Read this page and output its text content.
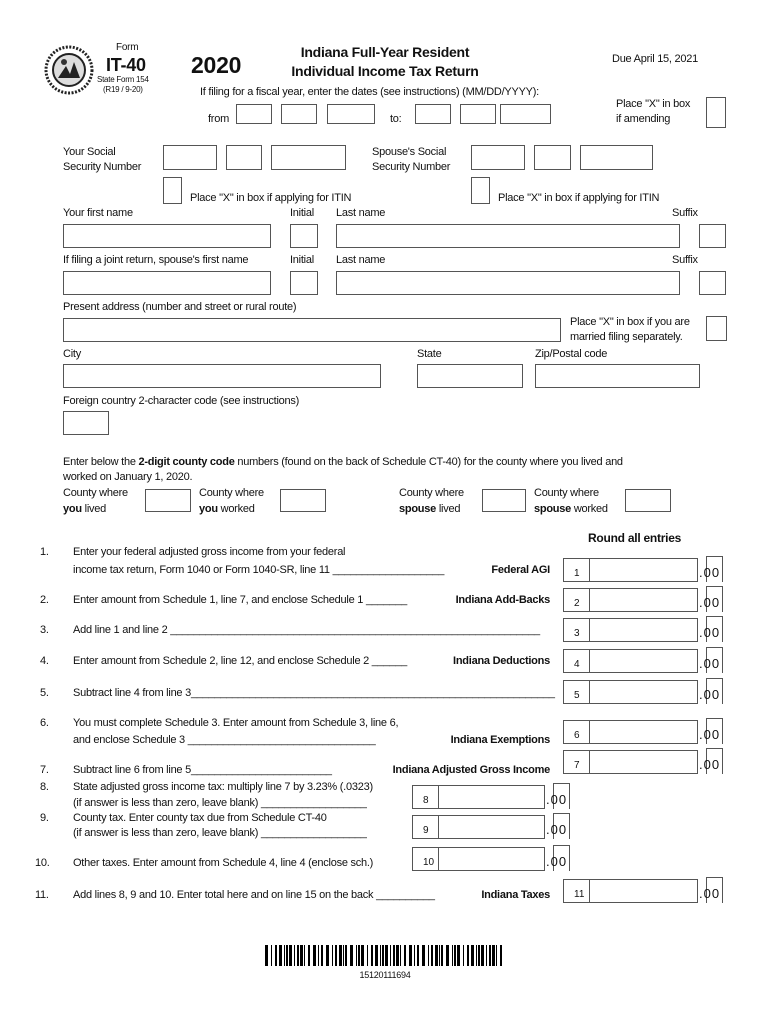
Form
IT-40
State Form 154
(R19 / 9-20)
2020	Indiana Full-Year Resident
Individual Income Tax Return
Due April 15, 2021
If filing for a fiscal year, enter the dates (see instructions) (MM/DD/YYYY):
from	to:
Place "X" in box
if amending
Your Social
Security Number
Spouse's Social
Security Number
Place "X" in box if applying for ITIN	Place "X" in box if applying for ITIN
Your first name	Initial Last name	Suffix
If filing a joint return, spouse's first name	Initial Last name	Suffix
Present address (number and street or rural route)
Place "X" in box if you are
married filing separately.
City	State	Zip/Postal code
Foreign country 2-character code (see instructions)
Enter below the 2-digit county code numbers (found on the back of Schedule CT-40) for the county where you lived and
worked on January 1, 2020.
County where
you lived
County where
you worked
County where
spouse lived
County where
spouse worked
Round all entries
1. Enter your federal adjusted gross income from your federal
income tax return, Form 1040 or Form 1040-SR, line 11 ___________________	Federal AGI	1	.00
2. Enter amount from Schedule 1, line 7, and enclose Schedule 1 _______	Indiana Add-Backs	2	.00
3. Add line 1 and line 2 _______________________________________________________________	3	.00
4. Enter amount from Schedule 2, line 12, and enclose Schedule 2 ______	Indiana Deductions	4	.00
5. Subtract line 4 from line 3______________________________________________________________	5	.00
6. You must complete Schedule 3. Enter amount from Schedule 3, line 6,
and enclose Schedule 3 ________________________________	Indiana Exemptions	6	.00
7. Subtract line 6 from line 5________________________	Indiana Adjusted Gross Income	7	.00
8. State adjusted gross income tax: multiply line 7 by 3.23% (.0323)
(if answer is less than zero, leave blank) __________________	8	.00
9. County tax. Enter county tax due from Schedule CT-40
(if answer is less than zero, leave blank) __________________	9	.00
10. Other taxes. Enter amount from Schedule 4, line 4 (enclose sch.)	10	.00
11. Add lines 8, 9 and 10. Enter total here and on line 15 on the back __________	Indiana Taxes	11	.00
15120111694
